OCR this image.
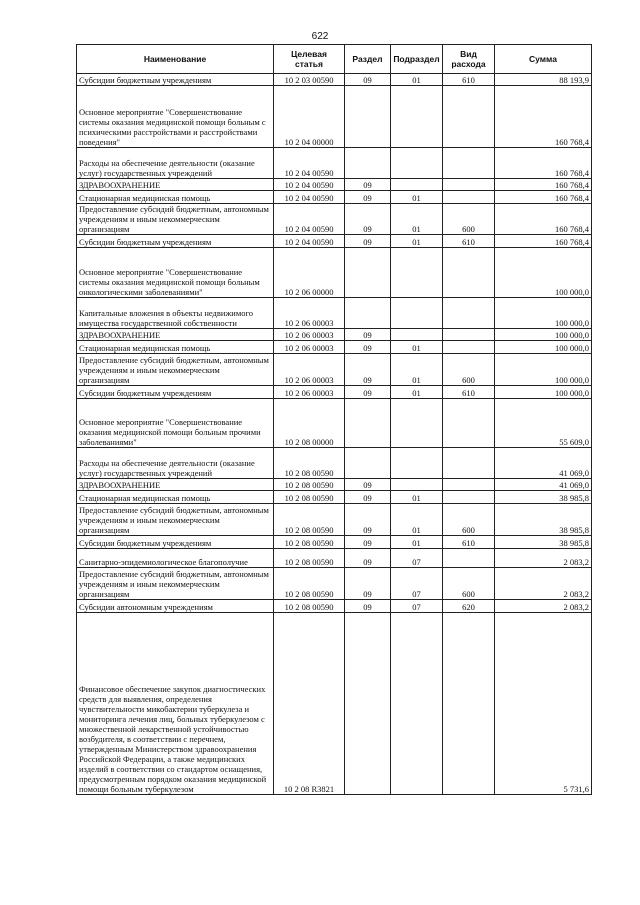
622
Наименование	Целевая статья	Раздел	Подраздел	Вид расхода	Сумма
Субсидии бюджетным учреждениям	10 2 03 00590	09	01	610	88 193,9
Основное мероприятие "Совершенствование системы оказания медицинской помощи больным с психическими расстройствами и расстройствами поведения"	10 2 04 00000				160 768,4
Расходы на обеспечение деятельности (оказание услуг) государственных учреждений	10 2 04 00590				160 768,4
ЗДРАВООХРАНЕНИЕ	10 2 04 00590	09			160 768,4
Стационарная медицинская помощь	10 2 04 00590	09	01		160 768,4
Предоставление субсидий бюджетным, автономным учреждениям и иным некоммерческим организациям	10 2 04 00590	09	01	600	160 768,4
Субсидии бюджетным учреждениям	10 2 04 00590	09	01	610	160 768,4
Основное мероприятие "Совершенствование системы оказания медицинской помощи больным онкологическими заболеваниями"	10 2 06 00000				100 000,0
Капитальные вложения в объекты недвижимого имущества государственной собственности	10 2 06 00003				100 000,0
ЗДРАВООХРАНЕНИЕ	10 2 06 00003	09			100 000,0
Стационарная медицинская помощь	10 2 06 00003	09	01		100 000,0
Предоставление субсидий бюджетным, автономным учреждениям и иным некоммерческим организациям	10 2 06 00003	09	01	600	100 000,0
Субсидии бюджетным учреждениям	10 2 06 00003	09	01	610	100 000,0
Основное мероприятие "Совершенствование оказания медицинской помощи больным прочими заболеваниями"	10 2 08 00000				55 609,0
Расходы на обеспечение деятельности (оказание услуг) государственных учреждений	10 2 08 00590				41 069,0
ЗДРАВООХРАНЕНИЕ	10 2 08 00590	09			41 069,0
Стационарная медицинская помощь	10 2 08 00590	09	01		38 985,8
Предоставление субсидий бюджетным, автономным учреждениям и иным некоммерческим организациям	10 2 08 00590	09	01	600	38 985,8
Субсидии бюджетным учреждениям	10 2 08 00590	09	01	610	38 985,8
Санитарно-эпидемиологическое благополучие	10 2 08 00590	09	07		2 083,2
Предоставление субсидий бюджетным, автономным учреждениям и иным некоммерческим организациям	10 2 08 00590	09	07	600	2 083,2
Субсидии автономным учреждениям	10 2 08 00590	09	07	620	2 083,2
Финансовое обеспечение закупок диагностических средств для выявления, определения чувствительности микобактерии туберкулеза и мониторинга лечения лиц, больных туберкулезом с множественной лекарственной устойчивостью возбудителя, в соответствии с перечнем, утвержденным Министерством здравоохранения Российской Федерации, а также медицинских изделий в соответствии со стандартом оснащения, предусмотренным порядком оказания медицинской помощи больным туберкулезом	10 2 08 R3821				5 731,6
